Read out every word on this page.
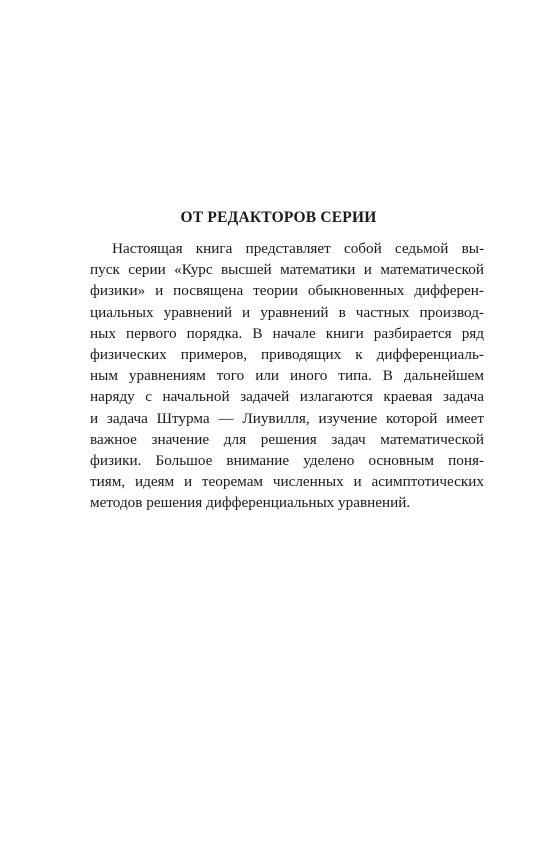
ОТ РЕДАКТОРОВ СЕРИИ
Настоящая книга представляет собой седьмой вы-
пуск серии «Курс высшей математики и математической
физики» и посвящена теории обыкновенных дифферен-
циальных уравнений и уравнений в частных производ-
ных первого порядка. В начале книги разбирается ряд
физических примеров, приводящих к дифференциаль-
ным уравнениям того или иного типа. В дальнейшем
наряду с начальной задачей излагаются краевая задача
и задача Штурма — Лиувилля, изучение которой имеет
важное значение для решения задач математической
физики. Большое внимание уделено основным поня-
тиям, идеям и теоремам численных и асимптотических
методов решения дифференциальных уравнений.
